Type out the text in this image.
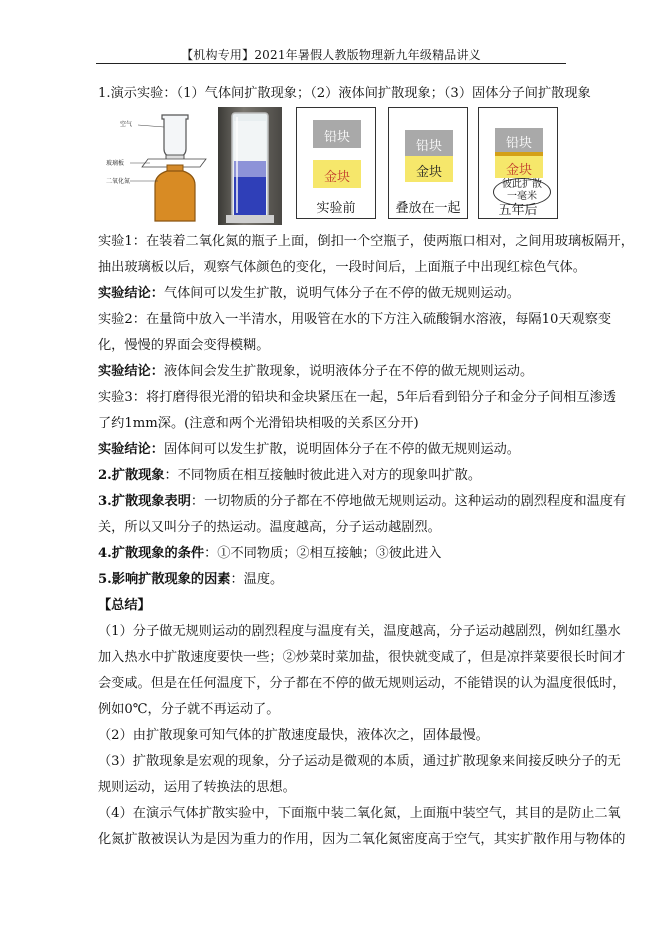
【机构专用】2021年暑假人教版物理新九年级精品讲义
1.演示实验：（1）气体间扩散现象；（2）液体间扩散现象；（3）固体分子间扩散现象
空气
玻璃板
二氧化氮
铅块
金块
实验前
铅块
金块
叠放在一起
铅块
金块
彼此扩散
一毫米
五年后
实验1：在装着二氧化氮的瓶子上面，倒扣一个空瓶子，使两瓶口相对，之间用玻璃板隔开，
抽出玻璃板以后，观察气体颜色的变化，一段时间后，上面瓶子中出现红棕色气体。
实验结论：气体间可以发生扩散，说明气体分子在不停的做无规则运动。
实验2：在量筒中放入一半清水，用吸管在水的下方注入硫酸铜水溶液，每隔10天观察变
化，慢慢的界面会变得模糊。
实验结论：液体间会发生扩散现象，说明液体分子在不停的做无规则运动。
实验3：将打磨得很光滑的铅块和金块紧压在一起，5年后看到铅分子和金分子间相互渗透
了约1mm深。(注意和两个光滑铅块相吸的关系区分开)
实验结论：固体间可以发生扩散，说明固体分子在不停的做无规则运动。
2.扩散现象：不同物质在相互接触时彼此进入对方的现象叫扩散。
3.扩散现象表明：一切物质的分子都在不停地做无规则运动。这种运动的剧烈程度和温度有
关，所以又叫分子的热运动。温度越高，分子运动越剧烈。
4.扩散现象的条件：①不同物质；②相互接触；③彼此进入
5.影响扩散现象的因素：温度。
【总结】
（1）分子做无规则运动的剧烈程度与温度有关，温度越高，分子运动越剧烈，例如红墨水
加入热水中扩散速度要快一些；②炒菜时菜加盐，很快就变咸了，但是凉拌菜要很长时间才
会变咸。但是在任何温度下，分子都在不停的做无规则运动，不能错误的认为温度很低时，
例如0℃，分子就不再运动了。
（2）由扩散现象可知气体的扩散速度最快，液体次之，固体最慢。
（3）扩散现象是宏观的现象，分子运动是微观的本质，通过扩散现象来间接反映分子的无
规则运动，运用了转换法的思想。
（4）在演示气体扩散实验中，下面瓶中装二氧化氮，上面瓶中装空气，其目的是防止二氧
化氮扩散被误认为是因为重力的作用，因为二氧化氮密度高于空气，其实扩散作用与物体的
